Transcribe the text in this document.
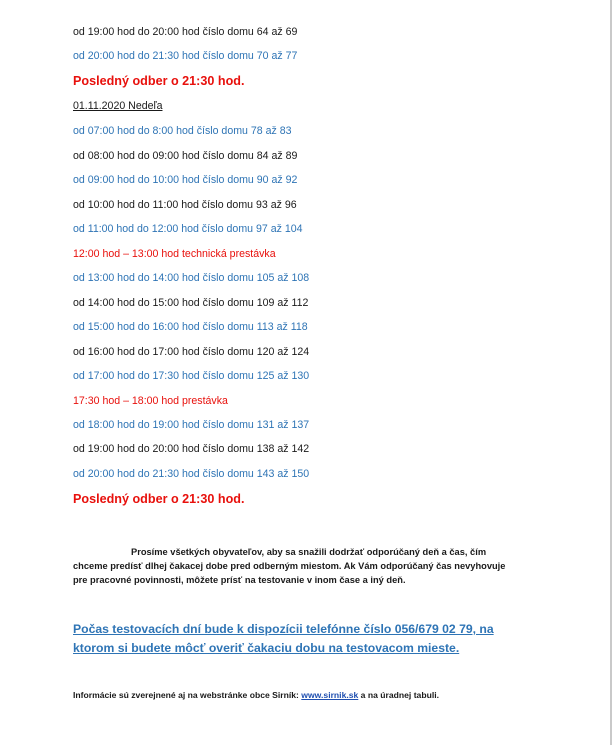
od 19:00 hod do 20:00 hod číslo domu 64 až 69
od 20:00 hod do 21:30 hod číslo domu 70 až 77
Posledný odber o 21:30 hod.
01.11.2020 Nedeľa
od 07:00 hod do 8:00 hod číslo domu 78 až 83
od 08:00 hod do 09:00 hod číslo domu 84 až 89
od 09:00 hod do 10:00 hod číslo domu 90 až 92
od 10:00 hod do 11:00 hod číslo domu 93 až 96
od 11:00 hod do 12:00 hod číslo domu 97 až 104
12:00 hod – 13:00 hod technická prestávka
od 13:00 hod do 14:00 hod číslo domu 105 až 108
od 14:00 hod do 15:00 hod číslo domu 109 až 112
od 15:00 hod do 16:00 hod číslo domu 113 až 118
od 16:00 hod do 17:00 hod číslo domu 120 až 124
od 17:00 hod do 17:30 hod číslo domu 125 až 130
17:30 hod – 18:00 hod prestávka
od 18:00 hod do 19:00 hod číslo domu 131 až 137
od 19:00 hod do 20:00 hod číslo domu 138 až 142
od 20:00 hod do 21:30 hod číslo domu 143 až 150
Posledný odber o 21:30 hod.

Prosíme všetkých obyvateľov, aby sa snažili dodržať odporúčaný deň a čas, čím

chceme predísť dlhej čakacej dobe pred odberným miestom. Ak Vám odporúčaný čas nevyhovuje

pre pracovné povinnosti, môžete prísť na testovanie v inom čase a iný deň.

Počas testovacích dní bude k dispozícii telefónne číslo 056/679 02 79, na
ktorom si budete môcť overiť čakaciu dobu na testovacom mieste.
Informácie sú zverejnené aj na webstránke obce Sirník: www.sirnik.sk a na úradnej tabuli.
